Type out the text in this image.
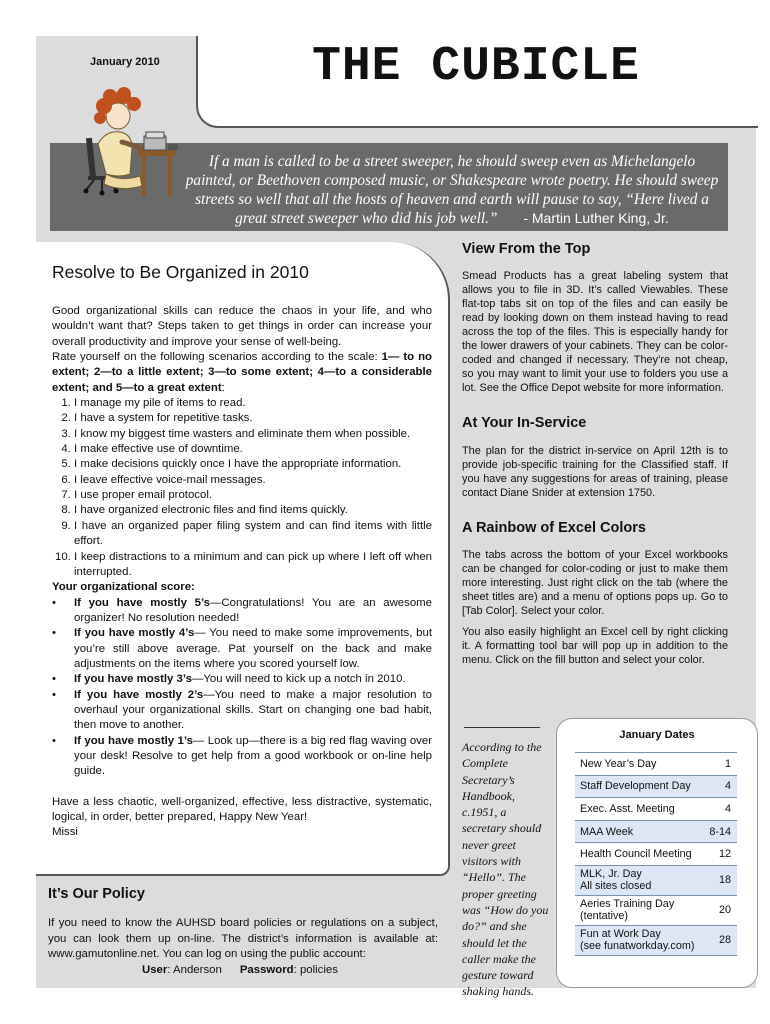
January 2010	THE CUBICLE
If a man is called to be a street sweeper, he should sweep even as Michelangelo painted, or Beethoven composed music, or Shakespeare wrote poetry. He should sweep streets so well that all the hosts of heaven and earth will pause to say, “Here lived a great street sweeper who did his job well.” - Martin Luther King, Jr.
Resolve to Be Organized in 2010

Good organizational skills can reduce the chaos in your life, and who wouldn’t want that? Steps taken to get things in order can increase your overall productivity and improve your sense of well-being.

Rate yourself on the following scenarios according to the scale: 1— to no extent; 2—to a little extent; 3—to some extent; 4—to a considerable extent; and 5—to a great extent:

1. I manage my pile of items to read.
2. I have a system for repetitive tasks.
3. I know my biggest time wasters and eliminate them when possible.
4. I make effective use of downtime.
5. I make decisions quickly once I have the appropriate information.
6. I leave effective voice-mail messages.
7. I use proper email protocol.
8. I have organized electronic files and find items quickly.
9. I have an organized paper filing system and can find items with little effort.
10. I keep distractions to a minimum and can pick up where I left off when interrupted.

Your organizational score:

• If you have mostly 5’s—Congratulations! You are an awesome organizer! No resolution needed!
• If you have mostly 4’s— You need to make some improvements, but you’re still above average. Pat yourself on the back and make adjustments on the items where you scored yourself low.
• If you have mostly 3’s—You will need to kick up a notch in 2010.
• If you have mostly 2’s—You need to make a major resolution to overhaul your organizational skills. Start on changing one bad habit, then move to another.
• If you have mostly 1’s— Look up—there is a big red flag waving over your desk! Resolve to get help from a good workbook or on-line help guide.

Have a less chaotic, well-organized, effective, less distractive, systematic, logical, in order, better prepared, Happy New Year!

Missi

It’s Our Policy
If you need to know the AUHSD board policies or regulations on a subject, you can look them up on-line. The district’s information is available at: www.gamutonline.net. You can log on using the public account:
User: Anderson Password: policies
View From the Top

Smead Products has a great labeling system that allows you to file in 3D. It’s called Viewables. These flat-top tabs sit on top of the files and can easily be read by looking down on them instead having to read across the top of the files. This is especially handy for the lower drawers of your cabinets. They can be color-coded and changed if necessary. They’re not cheap, so you may want to limit your use to folders you use a lot. See the Office Depot website for more information.

At Your In-Service

The plan for the district in-service on April 12th is to provide job-specific training for the Classified staff. If you have any suggestions for areas of training, please contact Diane Snider at extension 1750.

A Rainbow of Excel Colors

The tabs across the bottom of your Excel workbooks can be changed for color-coding or just to make them more interesting. Just right click on the tab (where the sheet titles are) and a menu of options pops up. Go to [Tab Color]. Select your color.

You also easily highlight an Excel cell by right clicking it. A formatting tool bar will pop up in addition to the menu. Click on the fill button and select your color.

According to the Complete Secretary’s Handbook, c.1951, a secretary should never greet visitors with “Hello”. The proper greeting was “How do you do?” and she should let the caller make the gesture toward shaking hands.
January Dates
New Year’s Day	1
Staff Development Day	4
Exec. Asst. Meeting	4
MAA Week	8-14
Health Council Meeting	12
MLK, Jr. Day
All sites closed	18
Aeries Training Day
(tentative)	20
Fun at Work Day
(see funatworkday.com)	28
